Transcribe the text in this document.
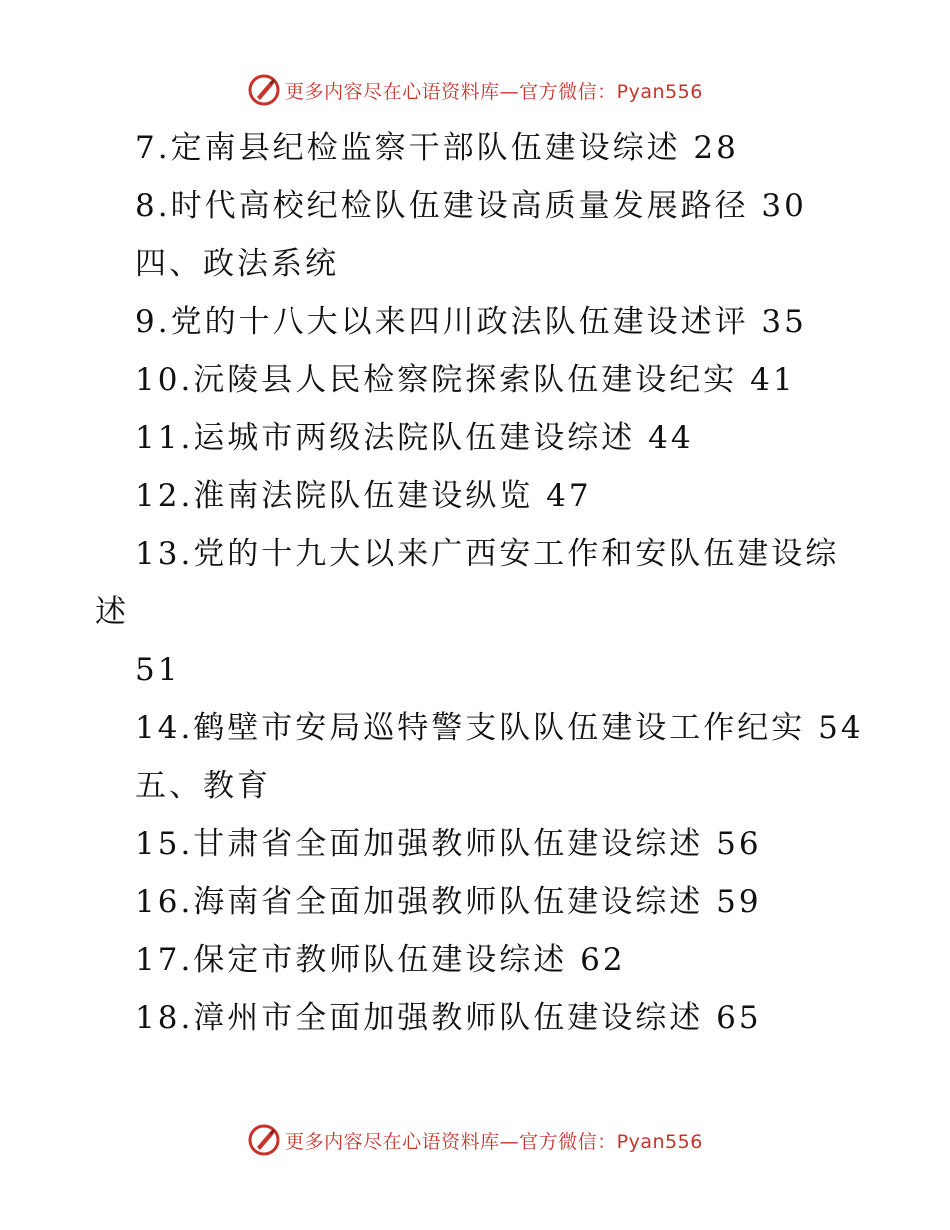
更多内容尽在心语资料库—官方微信：Pyan556
7.定南县纪检监察干部队伍建设综述 28
8.时代高校纪检队伍建设高质量发展路径 30
四、政法系统
9.党的十八大以来四川政法队伍建设述评 35
10.沅陵县人民检察院探索队伍建设纪实 41
11.运城市两级法院队伍建设综述 44
12.淮南法院队伍建设纵览 47
13.党的十九大以来广西安工作和安队伍建设综
述
51
14.鹤壁市安局巡特警支队队伍建设工作纪实 54
五、教育
15.甘肃省全面加强教师队伍建设综述 56
16.海南省全面加强教师队伍建设综述 59
17.保定市教师队伍建设综述 62
18.漳州市全面加强教师队伍建设综述 65
更多内容尽在心语资料库—官方微信：Pyan556
